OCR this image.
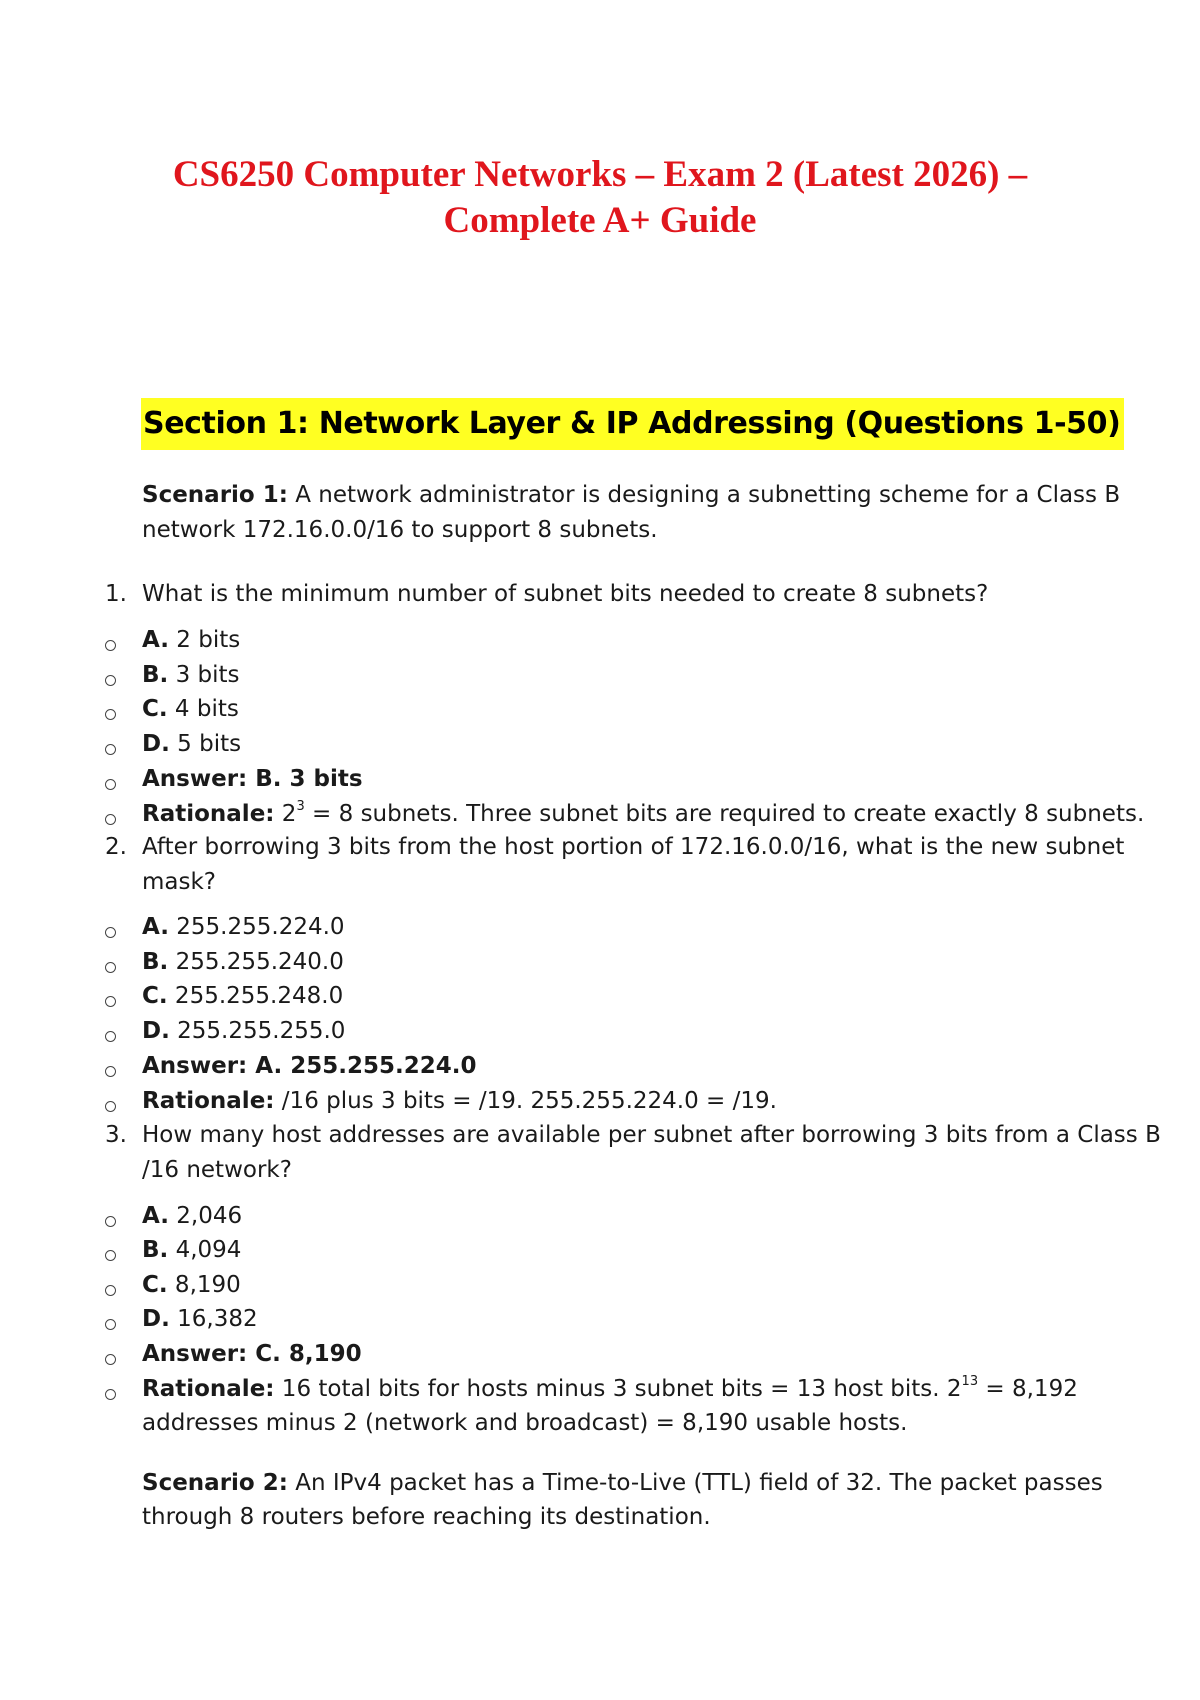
CS6250 Computer Networks – Exam 2 (Latest 2026) –
Complete A+ Guide
Section 1: Network Layer & IP Addressing (Questions 1-50)
Scenario 1: A network administrator is designing a subnetting scheme for a Class B
network 172.16.0.0/16 to support 8 subnets.
1. What is the minimum number of subnet bits needed to create 8 subnets?
A. 2 bits
B. 3 bits
C. 4 bits
D. 5 bits
Answer: B. 3 bits
Rationale: $2^3 = 8$ subnets. Three subnet bits are required to create exactly 8 subnets.
2. After borrowing 3 bits from the host portion of 172.16.0.0/16, what is the new subnet
mask?
A. 255.255.224.0
B. 255.255.240.0
C. 255.255.248.0
D. 255.255.255.0
Answer: A. 255.255.224.0
Rationale: /16 plus 3 bits = /19. 255.255.224.0 = /19.
3. How many host addresses are available per subnet after borrowing 3 bits from a Class B
/16 network?
A. 2,046
B. 4,094
C. 8,190
D. 16,382
Answer: C. 8,190
Rationale: 16 total bits for hosts minus 3 subnet bits = 13 host bits. $2^{13} = 8,192$
addresses minus 2 (network and broadcast) = 8,190 usable hosts.
Scenario 2: An IPv4 packet has a Time-to-Live (TTL) field of 32. The packet passes
through 8 routers before reaching its destination.
